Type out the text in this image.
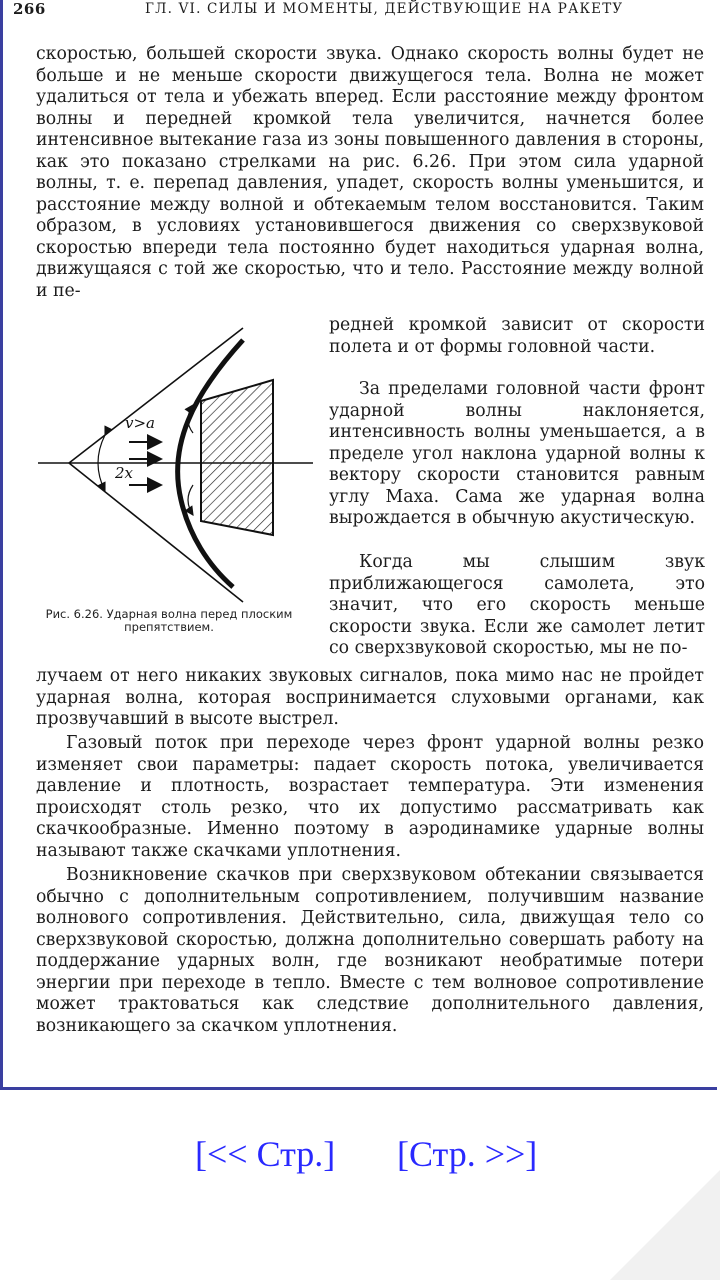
266	ГЛ. VI. СИЛЫ И МОМЕНТЫ, ДЕЙСТВУЮЩИЕ НА РАКЕТУ
скоростью, большей скорости звука. Однако скорость волны будет не больше и не меньше скорости движущегося тела. Волна не может удалиться от тела и убежать вперед. Если расстояние между фронтом волны и передней кромкой тела увеличится, начнется более интенсивное вытекание газа из зоны повышенного давления в стороны, как это показано стрелками на рис. 6.26. При этом сила ударной волны, т. е. перепад давления, упадет, скорость волны уменьшится, и расстояние между волной и обтекаемым телом восстановится. Таким образом, в условиях установившегося движения со сверхзвуковой скоростью впереди тела постоянно будет находиться ударная волна, движущаяся с той же скоростью, что и тело. Расстояние между волной и пе-
редней кромкой зависит от скорости полета и от формы головной части.
За пределами головной части фронт ударной волны наклоняется, интенсивность волны уменьшается, а в пределе угол наклона ударной волны к вектору скорости становится равным углу Маха. Сама же ударная волна вырождается в обычную акустическую.
Когда мы слышим звук приближающегося самолета, это значит, что его скорость меньше скорости звука. Если же самолет летит со сверхзвуковой скоростью, мы не по-
лучаем от него никаких звуковых сигналов, пока мимо нас не пройдет ударная волна, которая воспринимается слуховыми органами, как прозвучавший в высоте выстрел.
Газовый поток при переходе через фронт ударной волны резко изменяет свои параметры: падает скорость потока, увеличивается давление и плотность, возрастает температура. Эти изменения происходят столь резко, что их допустимо рассматривать как скачкообразные. Именно поэтому в аэродинамике ударные волны называют также скачками уплотнения.
Возникновение скачков при сверхзвуковом обтекании связывается обычно с дополнительным сопротивлением, получившим название волнового сопротивления. Действительно, сила, движущая тело со сверхзвуковой скоростью, должна дополнительно совершать работу на поддержание ударных волн, где возникают необратимые потери энергии при переходе в тепло. Вместе с тем волновое сопротивление может трактоваться как следствие дополнительного давления, возникающего за скачком уплотнения.
v>a
2x
Рис. 6.26. Ударная волна перед плоским препятствием.
[<< Стр.] [Стр. >>]
